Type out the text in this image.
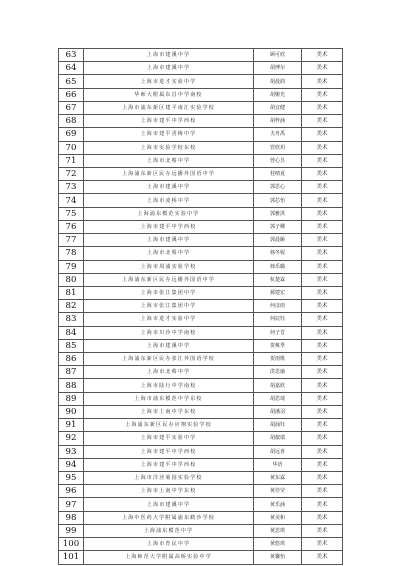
63	上海市建溪中学	顾可欣	美术
64	上海市建溪中学	胡博尔	美术
65	上海市进才实验中学	胡晨润	美术
66	华师大附属东昌中学南校	胡姬光	美术
67	上海市浦东新区建平南汇实验学校	胡宜健	美术
68	上海市建平中学西校	胡梓涵	美术
69	上海市建平香梅中学	夫舟禹	美术
70	上海市实验学校东校	管欣玥	美术
71	上海市北蔡中学	曾心昱	美术
72	上海浦东新区民办远播外国语中学	桂晴夏	美术
73	上海市建溪中学	郭思心	美术
74	上海市凌桥中学	郭芯怡	美术
75	上海浦东模范实验中学	郭雅淇	美术
76	上海市建平中学西校	郭子卿	美术
77	上海市建溪中学	郭晨颐	美术
78	上海市北蔡中学	韩冬妮	美术
79	上海市周浦实验学校	韩乐璐	美术
80	上海浦东新区民办远播外国语中学	杭楚霖	美术
81	上海市张江集团中学	郝建宏	美术
82	上海市张江集团中学	何彦雨	美术
83	上海市进才实验中学	何辰钰	美术
84	上海市川沙中学南校	何子晋	美术
85	上海市建溪中学	贺桃季	美术
86	上海浦东新区民办张江外国语学校	贺雨歌	美术
87	上海市北蔡中学	洪思瑜	美术
88	上海市陆行中学南校	胡嘉欣	美术
89	上海市浦东模范中学东校	胡思琦	美术
90	上海市上南中学东校	胡潘羽	美术
91	上海浦东新区民办应翔实验学校	胡涌钰	美术
92	上海市建平实验中学	胡叡瑞	美术
93	上海市建平中学西校	胡远喜	美术
94	上海市建平中学西校	华语	美术
95	上海市洋泾菊园实验学校	黄东霖	美术
96	上海市上南中学东校	黄佳莹	美术
97	上海市建溪中学	黄乐涵	美术
98	上海中医药大学附属浦东鹤沙学校	黄美和	美术
99	上海浦东模范中学	黄思琪	美术
100	上海市育民中学	黄悠琪	美术
101	上海师范大学附属高桥实验中学	黄馨怡	美术
